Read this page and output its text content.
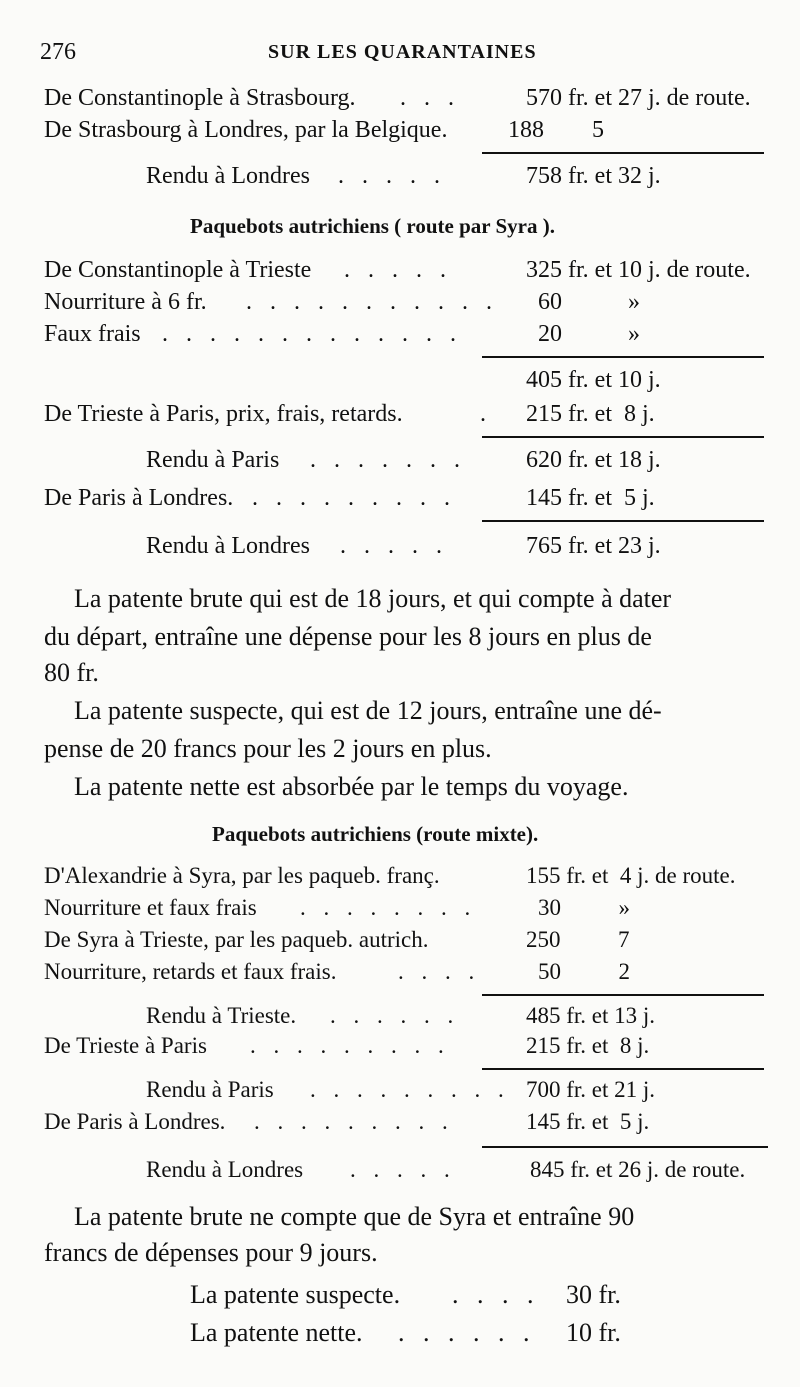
276	SUR LES QUARANTAINES
De Constantinople à Strasbourg. . . .	570 fr. et 27 j. de route.
De Strasbourg à Londres, par la Belgique.	188        5
Rendu à Londres . . . . .	758 fr. et 32 j.
Paquebots autrichiens ( route par Syra ).
De Constantinople à Trieste . . . . .	325 fr. et 10 j. de route.
Nourriture à 6 fr. . . . . . . . . . . . 60           »
Faux frais . . . . . . . . . . . . .	20           »
405 fr. et 10 j.
De Trieste à Paris, prix, frais, retards.	. 215 fr. et  8 j.
Rendu à Paris . . . . . . .	620 fr. et 18 j.
De Paris à Londres. . . . . . . . . .	145 fr. et  5 j.
Rendu à Londres . . . . .	765 fr. et 23 j.
La patente brute qui est de 18 jours, et qui compte à dater
du départ, entraîne une dépense pour les 8 jours en plus de
80 fr.
La patente suspecte, qui est de 12 jours, entraîne une dé-
pense de 20 francs pour les 2 jours en plus.
La patente nette est absorbée par le temps du voyage.
Paquebots autrichiens (route mixte).
D'Alexandrie à Syra, par les paqueb. franç.	155 fr. et  4 j. de route.
Nourriture et faux frais . . . . . . . .	30          »
De Syra à Trieste, par les paqueb. autrich.	250          7
Nourriture, retards et faux frais.	. . . .	50          2
Rendu à Trieste. . . . . . .	485 fr. et 13 j.
De Trieste à Paris . . . . . . . . .	215 fr. et  8 j.
Rendu à Paris . . . . . . . . . 700 fr. et 21 j.
De Paris à Londres. . . . . . . . . .	145 fr. et  5 j.
Rendu à Londres . . . . .	845 fr. et 26 j. de route.
La patente brute ne compte que de Syra et entraîne 90
francs de dépenses pour 9 jours.
La patente suspecte. . . . . 30 fr.
La patente nette. . . . . . . 10 fr.
